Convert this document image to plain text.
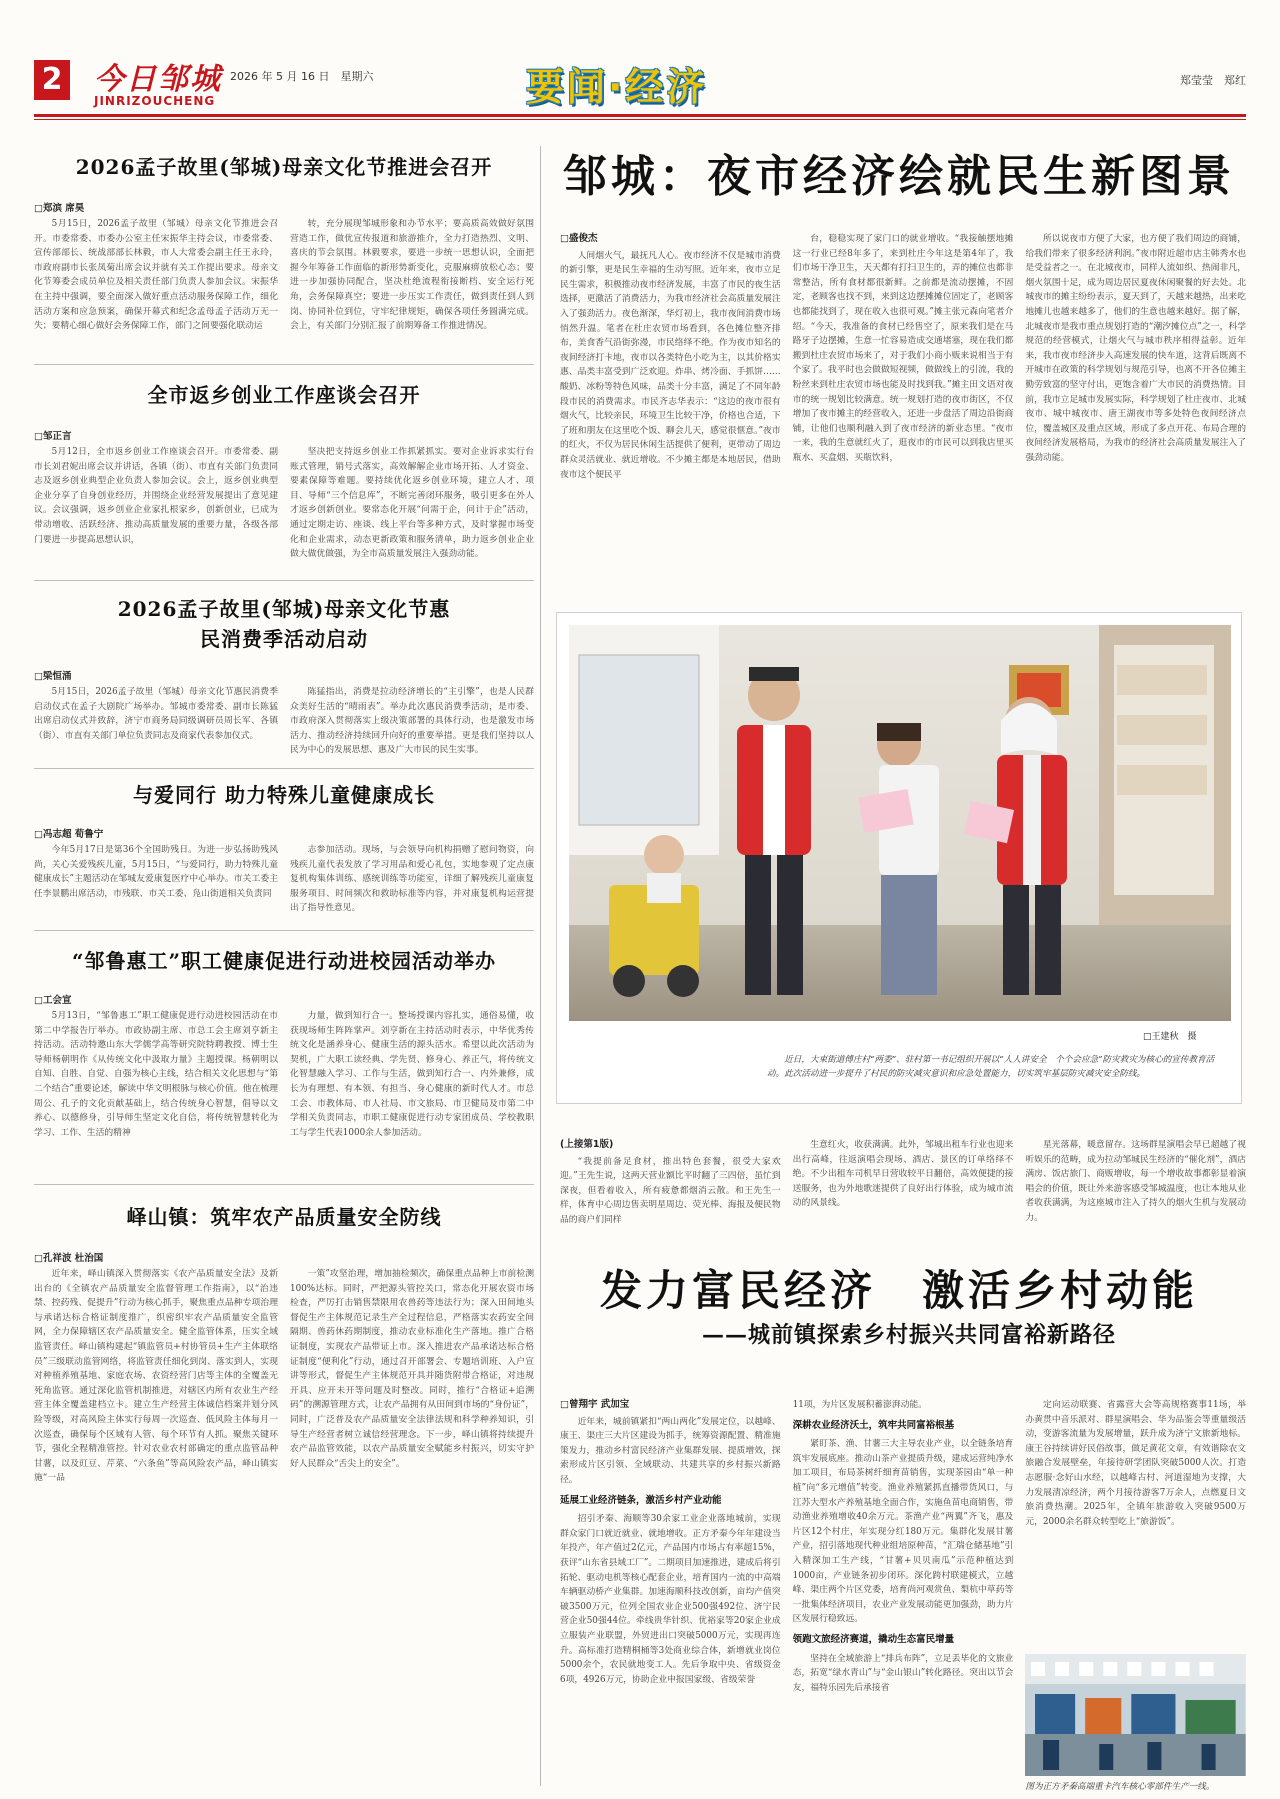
2 今日邹城
JINRIZOUCHENG
2026 年 5 月 16 日　星期六	要闻·经济	郑莹莹　郑红
2026孟子故里(邹城)母亲文化节推进会召开
□郑滨 席昊

5月15日，2026孟子故里（邹城）母亲文化节推进会召开。市委常委、市委办公室主任宋振华主持会议，市委常委、宣传部部长、统战部部长林毅，市人大常委会副主任王永玲，市政府副市长张凤菊出席会议并就有关工作提出要求。母亲文化节筹委会成员单位及相关责任部门负责人参加会议。宋振华在主持中强调，要全面深入做好重点活动服务保障工作，细化活动方案和应急预案，确保开幕式和纪念孟母孟子活动万无一失；要精心细心做好会务保障工作，部门之间要强化联动运

转，充分展现邹城形象和办节水平；要高质高效做好氛围营造工作，做优宣传报道和旅游推介，全力打造热烈、文明、喜庆的节会氛围。林毅要求，要进一步统一思想认识，全面把握今年筹备工作面临的新形势新变化，克服麻痹放松心态；要进一步加强协同配合，坚决杜绝流程衔接断档、安全运行死角，会务保障真空；要进一步压实工作责任，做到责任到人到岗、协同补位到位，守牢纪律规矩，确保各项任务圆满完成。会上，有关部门分别汇报了前期筹备工作推进情况。

全市返乡创业工作座谈会召开
□邹正言

5月12日，全市返乡创业工作座谈会召开。市委常委、副市长刘君妮出席会议并讲话，各镇（街）、市直有关部门负责同志及返乡创业典型企业负责人参加会议。会上，返乡创业典型企业分享了自身创业经历，并围绕企业经营发展提出了意见建议。会议强调，返乡创业企业家扎根家乡，创新创业，已成为带动增收、活跃经济、推动高质量发展的重要力量，各级各部门要进一步提高思想认识，

坚决把支持返乡创业工作抓紧抓实。要对企业诉求实行台账式管理，销号式落实，高效解解企业市场开拓、人才资金、要素保障等难题。要持续优化返乡创业环境，建立人才、项目、导师“三个信息库”，不断完善闭环服务，吸引更多在外人才返乡创新创业。要常态化开展“问需于企，问计于企”活动，通过定期走访、座谈、线上平台等多种方式，及时掌握市场变化和企业需求，动态更新政策和服务清单，助力返乡创业企业做大做优做强，为全市高质量发展注入强劲动能。

2026孟子故里(邹城)母亲文化节惠民消费季活动启动
□梁恒涌

5月15日，2026孟子故里（邹城）母亲文化节惠民消费季启动仪式在孟子大剧院广场举办。邹城市委常委、副市长陈猛出席启动仪式并致辞，济宁市商务局同级调研员周长军、各镇（街）、市直有关部门单位负责同志及商家代表参加仪式。

陈猛指出，消费是拉动经济增长的“主引擎”，也是人民群众美好生活的“晴雨表”。举办此次惠民消费季活动，是市委、市政府深入贯彻落实上级决策部署的具体行动，也是激发市场活力、推动经济持续回升向好的重要举措。更是我们坚持以人民为中心的发展思想、惠及广大市民的民生实事。

与爱同行 助力特殊儿童健康成长
□冯志超 荀鲁宁

今年5月17日是第36个全国助残日。为进一步弘扬助残风尚，关心关爱残疾儿童，5月15日，“与爱同行，助力特殊儿童健康成长”主题活动在邹城友爱康复医疗中心举办。市关工委主任李景鹏出席活动，市残联、市关工委、凫山街道相关负责同

志参加活动。现场，与会领导向机构捐赠了慰问物资，向残疾儿童代表发放了学习用品和爱心礼包，实地参观了定点康复机构集体训练、感统训练等功能室，详细了解残疾儿童康复服务项目、时间频次和救助标准等内容，并对康复机构运营提出了指导性意见。

“邹鲁惠工”职工健康促进行动进校园活动举办
□工会宣

5月13日，“邹鲁惠工”职工健康促进行动进校园活动在市第二中学报告厅举办。市政协副主席、市总工会主席刘亨新主持活动。活动特邀山东大学儒学高等研究院特聘教授、博士生导师杨朝明作《从传统文化中汲取力量》主题授课。杨朝明以自知、自胜、自觉、自强为核心主线，结合相关文化思想与“第二个结合”重要论述，解读中华文明根脉与核心价值。他在梳理周公、孔子的文化贡献基础上，结合传统身心智慧，倡导以文养心、以德修身，引导师生坚定文化自信，将传统智慧转化为学习、工作、生活的精神

力量，做到知行合一。整场授课内容扎实，通俗易懂，收获现场师生阵阵掌声。刘亨新在主持活动时表示，中华优秀传统文化是涵养身心、健康生活的源头活水。希望以此次活动为契机，广大职工读经典、学先贤、修身心、养正气，将传统文化智慧融入学习、工作与生活，做到知行合一、内外兼修，成长为有理想、有本领、有担当、身心健康的新时代人才。市总工会、市教体局、市人社局、市文旅局、市卫健局及市第二中学相关负责同志，市职工健康促进行动专家团成员、学校教职工与学生代表1000余人参加活动。

峄山镇：筑牢农产品质量安全防线
□孔祥波 杜治国

近年来，峄山镇深入贯彻落实《农产品质量安全法》及新出台的《全镇农产品质量安全监督管理工作指南》，以“治违禁、控药残、促提升”行动为核心抓手，聚焦重点品种专项治理与承诺达标合格证制度推广，织密织牢农产品质量安全监管网，全力保障辖区农产品质量安全。健全监管体系，压实全域监管责任。峄山镇构建起“镇监管员+村协管员+生产主体联络员”三级联动监管网络，将监管责任细化到岗、落实到人，实现对种植养殖基地、家庭农场、农资经营门店等主体的全覆盖无死角监管。通过深化监管机制推进，对辖区内所有农业生产经营主体全覆盖建档立卡。建立生产经营主体诚信档案并划分风险等级，对高风险主体实行每周一次巡查、低风险主体每月一次巡查，确保每个区域有人管、每个环节有人抓。聚焦关键环节，强化全程精准管控。针对农业农村部确定的重点监管品种甘薯，以及豇豆、芹菜、“六条鱼”等高风险农产品，峄山镇实施“一品

一策”攻坚治理，增加抽检频次，确保重点品种上市前检测100%达标。同时，严把源头管控关口，常态化开展农资市场检查，严厉打击销售禁限用农兽药等违法行为；深入田间地头督促生产主体规范记录生产全过程信息，严格落实农药安全间隔期、兽药休药期制度，推动农业标准化生产落地。推广合格证制度，实现农产品带证上市。深入推进农产品承诺达标合格证制度“便利化”行动，通过召开部署会、专题培训班、入户宣讲等形式，督促生产主体规范开具并随货附带合格证，对违规开具、应开未开等问题及时整改。同时，推行“合格证+追溯码”的溯源管理方式，让农产品拥有从田间到市场的“身份证”，同时，广泛普及农产品质量安全法律法规和科学种养知识，引导生产经营者树立诚信经营理念。下一步，峄山镇将持续提升农产品监管效能，以农产品质量安全赋能乡村振兴，切实守护好人民群众“舌尖上的安全”。

邹城：夜市经济绘就民生新图景
□盛俊杰

人间烟火气，最抚凡人心。夜市经济不仅是城市消费的新引擎，更是民生幸福的生动写照。近年来，夜市立足民生需求，积极推动夜市经济发展，丰富了市民的夜生活选择，更激活了消费活力，为我市经济社会高质量发展注入了强劲活力。夜色渐深，华灯初上，我市夜间消费市场悄然升温。笔者在杜庄农贸市场看到，各色摊位整齐排布，美食香气沿街弥漫，市民络绎不绝。作为夜市知名的夜间经济打卡地，夜市以各类特色小吃为主，以其价格实惠、品类丰富受到广泛欢迎。炸串、烤冷面、手抓饼……酸奶、冰粉等特色风味，品类十分丰富，满足了不同年龄段市民的消费需求。市民齐志华表示：“这边的夜市很有烟火气，比较亲民，环境卫生比较干净，价格也合适，下了班和朋友在这里吃个饭、聊会儿天，感觉很惬意。”夜市的红火，不仅为居民休闲生活提供了便利，更带动了周边群众灵活就业、就近增收。不少摊主都是本地居民，借助夜市这个便民平

台，稳稳实现了家门口的就业增收。“我接触摆地摊这一行业已经8年多了，来到杜庄今年这是第4年了，我们市场干净卫生，天天都有打扫卫生的，弄的摊位也都非常整洁，所有食材都很新鲜。之前都是流动摆摊，不固定，老顾客也找不到，来到这边摆摊摊位固定了，老顾客也都能找到了，现在收入也很可观。”摊主张元森向笔者介绍。“今天，我准备的食材已经售空了，原来我们是在马路牙子边摆摊，生意一忙容易造成交通堵塞，现在我们都搬到杜庄农贸市场来了，对于我们小商小贩来说相当于有个家了。我平时也会做做短视频，做做线上的引流，我的粉丝来到杜庄农贸市场也能及时找到我。”摊主田文语对夜市的统一规划比较满意。统一规划打造的夜市街区，不仅增加了夜市摊主的经营收入，还进一步盘活了周边沿街商铺，让他们也顺利融入到了夜市经济的新业态里。“夜市一来，我的生意就红火了，逛夜市的市民可以到我店里买瓶水、买盒烟、买瓶饮料，

所以说夜市方便了大家，也方便了我们周边的商铺，给我们带来了很多经济利润。”夜市附近超市店主韩秀水也是受益者之一。在北城夜市，同样人流如织、热闹非凡，烟火氛围十足，成为周边居民夏夜休闲聚餐的好去处。北城夜市的摊主纷纷表示，夏天到了，天越来越热，出来吃地摊儿也越来越多了，他们的生意也越来越好。据了解，北城夜市是我市重点规划打造的“潮汐摊位点”之一，科学规范的经营模式，让烟火气与城市秩序相得益彰。近年来，我市夜市经济步入高速发展的快车道，这背后既离不开城市在政策的科学规划与规范引导，也离不开各位摊主勤劳致富的坚守付出，更饱含着广大市民的消费热情。目前，我市立足城市发展实际，科学规划了杜庄夜市、北城夜市、城中城夜市、唐王湖夜市等多处特色夜间经济点位，覆盖城区及重点区域，形成了多点开花、布局合理的夜间经济发展格局，为我市的经济社会高质量发展注入了强劲动能。

□王建秋　摄
近日，大束街道傅庄村“两委”、驻村第一书记组织开展以“人人讲安全　个个会应急”防灾救灾为核心的宣传教育活动。此次活动进一步提升了村民的防灾减灾意识和应急处置能力，切实筑牢基层防灾减灾安全防线。
(上接第1版)

“我提前备足食材，推出特色套餐，很受大家欢迎。”王先生说，这两天营业额比平时翻了三四倍，虽忙到深夜，但看着收入，所有疲惫都烟消云散。和王先生一样，体育中心周边售卖明星周边、荧光棒、海报及便民物品的商户们同样

生意红火，收获满满。此外，邹城出租车行业也迎来出行高峰，往返演唱会现场、酒店、景区的订单络绎不绝。不少出租车司机早日营收较平日翻倍，高效便捷的接送服务，也为外地歌迷提供了良好出行体验，成为城市流动的风景线。

星光落幕，暖意留存。这场群星演唱会早已超越了视听娱乐的范畴，成为拉动邹城民生经济的“催化剂”，酒店满房、饭店旅门、商贩增收，每一个增收故事都彰显着演唱会的价值，既让外来游客感受邹城温度，也让本地从业者收获满满，为这座城市注入了持久的烟火生机与发展动力。

发力富民经济　激活乡村动能
——城前镇探索乡村振兴共同富裕新路径
□曾翔宇 武加宝

近年来，城前镇紧扣“两山两化”发展定位，以越峰、康王、渠庄三大片区建设为抓手，统筹资源配置、精准施策发力，推动乡村富民经济产业集群发展、提质增效，探索形成片区引领、全域联动、共建共享的乡村振兴新路径。

延展工业经济链条，激活乡村产业动能

招引矛秦、海顺等30余家工业企业落地城前，实现群众家门口就近就业、就地增收。正方矛秦今年年建设当年投产，年产值过2亿元，产品国内市场占有率超15%，获评“山东省县域工厂”。二期项目加速推进，建成后将引拓轮、驱动电机等核心配套企业，培育国内一流的中高端车辆驱动桥产业集群。加速海顺科技改创新，亩均产值突破3500万元，位列全国农业企业500强492位、济宁民营企业50强44位。牵线贵华针织、优裕家等20家企业成立服装产业联盟，外贸进出口突破5000万元，实现再连升。高标准打造精桐桶等3处商业综合体，新增就业岗位5000余个，农民就地变工人。先后争取中央、省级资金6项，4926万元，协助企业申报国家级、省级荣誉

11项，为片区发展积蓄澎湃动能。

深耕农业经济沃土，筑牢共同富裕根基

紧盯茶、渔、甘薯三大主导农业产业，以全链条培育筑牢发展底座。推动山茶产业提质升级，建成运营纯净水加工项目，布局茶树纤细育苗销售，实现茶园由“单一种植”向“多元增值”转变。渔业养殖紧抓直播带货风口，与江苏大型水产养殖基地全面合作，实施鱼苗电商销售，带动渔业养殖增收40余万元。茶渔产业“两翼”齐飞，惠及片区12个村庄，年实现分红180万元。集群化发展甘薯产业，招引落地现代种业组培原种苗，“汇瑞仓储基地”引入精深加工生产线，“甘薯+贝贝南瓜”示范种植达到1000亩，产业链条初步闭环。深化跨村联建模式，立越峰、渠庄两个片区党委，培育尚河观赏鱼、梨杭中草药等一批集体经济项目，农业产业发展动能更加强劲，助力片区发展行稳致远。

领跑文旅经济赛道，撬动生态富民增量

坚持在全域旅游上“排兵布阵”，立足丢毕化的文旅业态，拓宽“绿水青山”与“金山银山”转化路径。突出以节会友，福特乐园先后承接省

定向运动联赛、省露营大会等高规格赛事11场，举办黄贯中音乐派对、群星演唱会、华为品鉴会等重量级活动，变游客流量为发展增量，跃升成为济宁文旅新地标。康王谷持续讲好民俗故事，做足黄花文章，有效谐除农文旅融合发展壁垒，年接待研学团队突破5000人次。打造志愿服·念好山水经，以越峰古村、河道湿地为支撑，大力发展清凉经济，两个月接待游客7万余人，点燃夏日文旅消费热潮。2025年，全镇年旅游收入突破9500万元，2000余名群众转型吃上“旅游饭”。

图为正方矛秦高端重卡汽车核心零部件生产一线。
